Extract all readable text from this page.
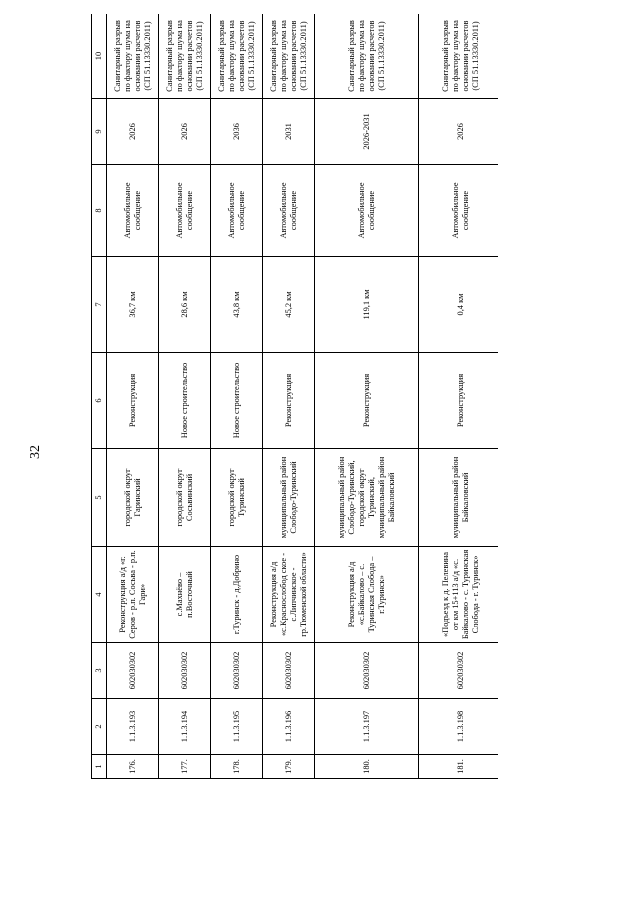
32
1	2	3	4	5	6	7	8	9	10
176.	1.1.3.193	602030302	Реконструкция а/д «г. Серов - р.п. Сосьва - р.п. Гари»	городской округ Гаринский	Реконструкция	36,7 км	Автомобильное сообщение	2026	Санитарный разрыв по фактору шума на основании расчетов (СП 51.13330.2011)
177.	1.1.3.194	602030302	с.Махнёво – п.Восточный	городской округ Сосьвинский	Новое строительство	28,6 км	Автомобильное сообщение	2026	Санитарный разрыв по фактору шума на основании расчетов (СП 51.13330.2011)
178.	1.1.3.195	602030302	г.Туринск - д.Добрино	городской округ Туринский	Новое строительство	43,8 км	Автомобильное сообщение	2036	Санитарный разрыв по фактору шума на основании расчетов (СП 51.13330.2011)
179.	1.1.3.196	602030302	Реконструкция а/д «с.Краснослобод ское - с.Липчинское - гр.Тюменской области»	муниципальный район Слободо-Туринский	Реконструкция	45,2 км	Автомобильное сообщение	2031	Санитарный разрыв по фактору шума на основании расчетов (СП 51.13330.2011)
180.	1.1.3.197	602030302	Реконструкция а/д «с.Байкалово – с. Туринская Слобода – г.Туринск»	муниципальный район Слободо-Туринский, городской округ Туринский, муниципальный район Байкаловский	Реконструкция	119,1 км	Автомобильное сообщение	2026-2031	Санитарный разрыв по фактору шума на основании расчетов (СП 51.13330.2011)
181.	1.1.3.198	602030302	«Подъезд к д. Пелевина от км 15+113 а/д «с. Байкалово - с. Туринская Слобода - г. Туринск»	муниципальный район Байкаловский	Реконструкция	0,4 км	Автомобильное сообщение	2026	Санитарный разрыв по фактору шума на основании расчетов (СП 51.13330.2011)
